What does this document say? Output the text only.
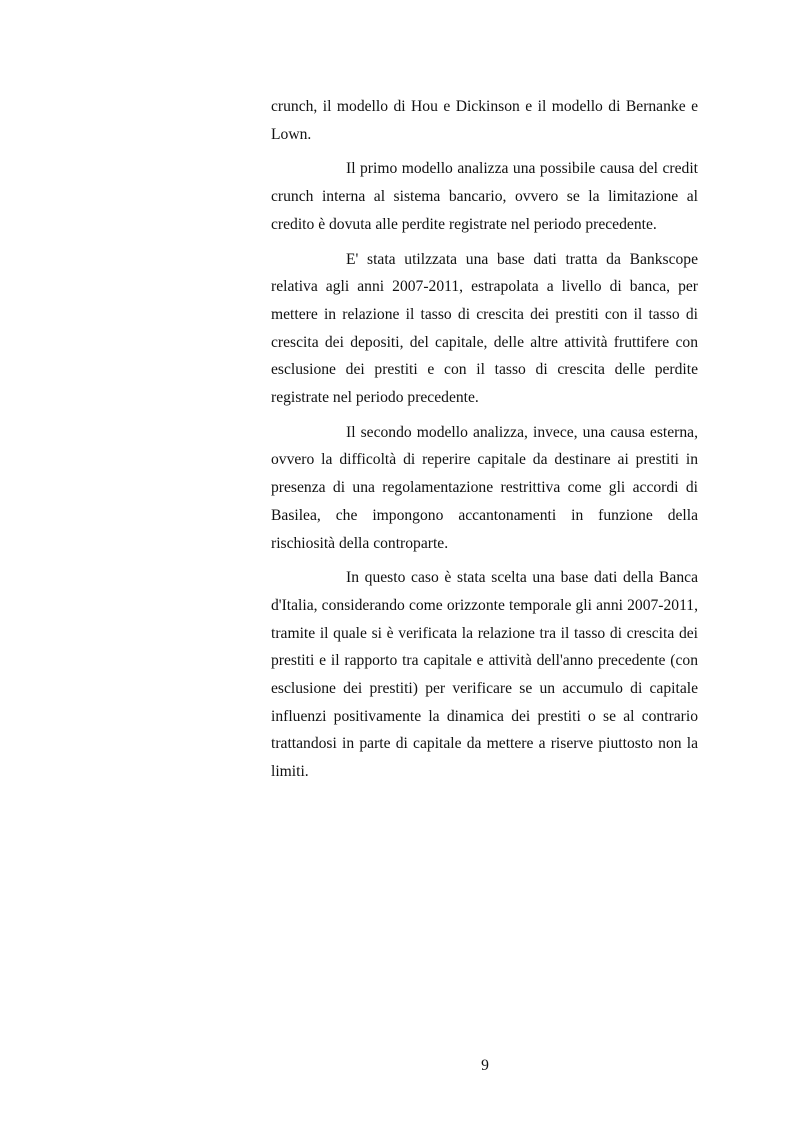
crunch, il modello di Hou e Dickinson e il modello di Bernanke e Lown.

Il primo modello analizza una possibile causa del credit crunch interna al sistema bancario, ovvero se la limitazione al credito è dovuta alle perdite registrate nel periodo precedente.

E' stata utilzzata una base dati tratta da Bankscope relativa agli anni 2007-2011, estrapolata a livello di banca, per mettere in relazione il tasso di crescita dei prestiti con il tasso di crescita dei depositi, del capitale, delle altre attività fruttifere con esclusione dei prestiti e con il tasso di crescita delle perdite registrate nel periodo precedente.

Il secondo modello analizza, invece, una causa esterna, ovvero la difficoltà di reperire capitale da destinare ai prestiti in presenza di una regolamentazione restrittiva come gli accordi di Basilea, che impongono accantonamenti in funzione della rischiosità della controparte.

In questo caso è stata scelta una base dati della Banca d'Italia, considerando come orizzonte temporale gli anni 2007-2011, tramite il quale si è verificata la relazione tra il tasso di crescita dei prestiti e il rapporto tra capitale e attività dell'anno precedente (con esclusione dei prestiti) per verificare se un accumulo di capitale influenzi positivamente la dinamica dei prestiti o se al contrario trattandosi in parte di capitale da mettere a riserve piuttosto non la limiti.

9
